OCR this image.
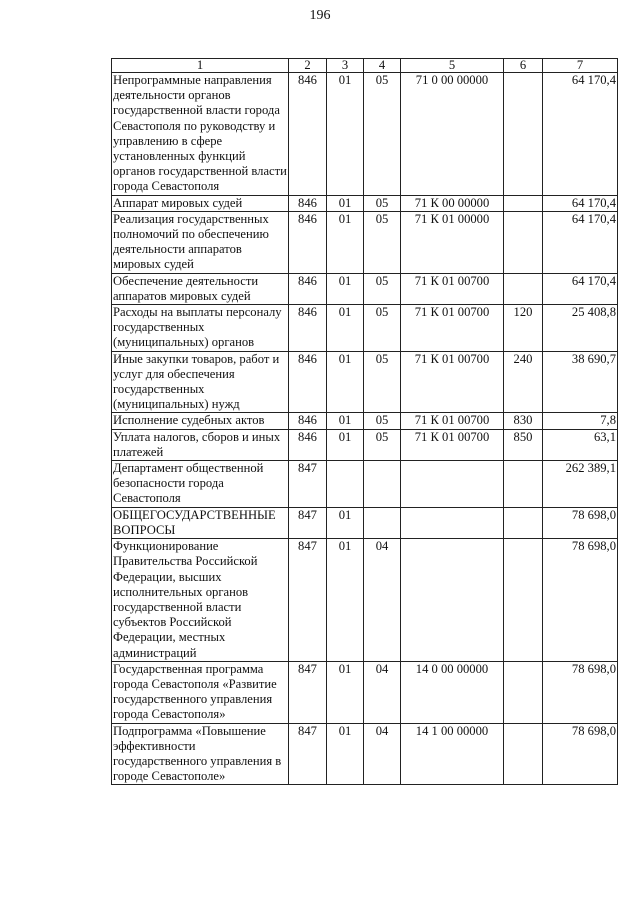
196
1	2	3	4	5	6	7
Непрограммные направления деятельности органов государственной власти города Севастополя по руководству и управлению в сфере установленных функций органов государственной власти города Севастополя	846	01	05	71 0 00 00000		64 170,4
Аппарат мировых судей	846	01	05	71 К 00 00000		64 170,4
Реализация государственных полномочий по обеспечению деятельности аппаратов мировых судей	846	01	05	71 К 01 00000		64 170,4
Обеспечение деятельности аппаратов мировых судей	846	01	05	71 К 01 00700		64 170,4
Расходы на выплаты персоналу государственных (муниципальных) органов	846	01	05	71 К 01 00700	120	25 408,8
Иные закупки товаров, работ и услуг для обеспечения государственных (муниципальных) нужд	846	01	05	71 К 01 00700	240	38 690,7
Исполнение судебных актов	846	01	05	71 К 01 00700	830	7,8
Уплата налогов, сборов и иных платежей	846	01	05	71 К 01 00700	850	63,1
Департамент общественной безопасности города Севастополя	847					262 389,1
ОБЩЕГОСУДАРСТВЕННЫЕ ВОПРОСЫ	847	01				78 698,0
Функционирование Правительства Российской Федерации, высших исполнительных органов государственной власти субъектов Российской Федерации, местных администраций	847	01	04			78 698,0
Государственная программа города Севастополя «Развитие государственного управления города Севастополя»	847	01	04	14 0 00 00000		78 698,0
Подпрограмма «Повышение эффективности государственного управления в городе Севастополе»	847	01	04	14 1 00 00000		78 698,0
